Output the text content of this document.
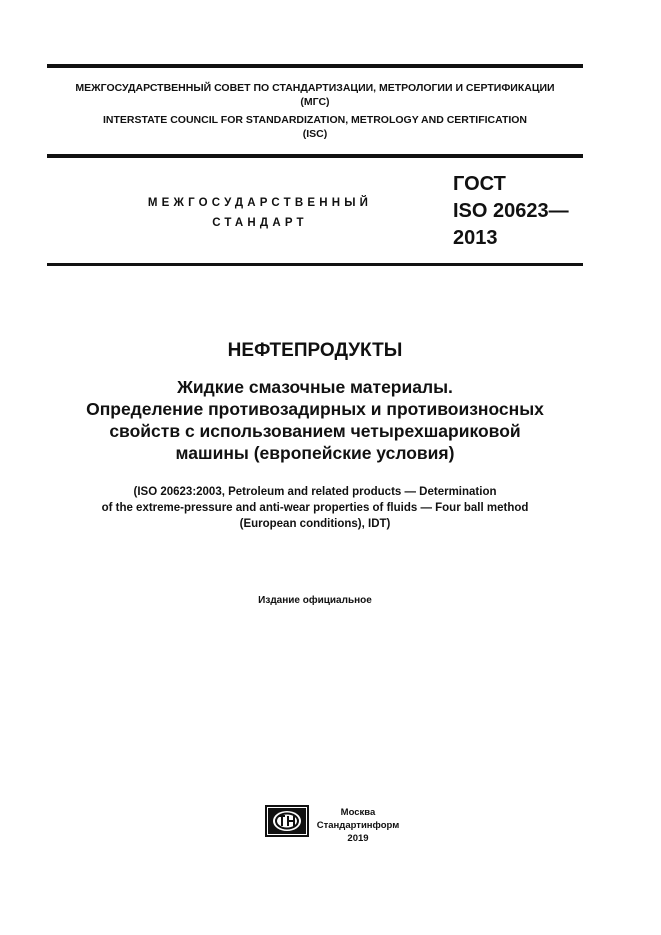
МЕЖГОСУДАРСТВЕННЫЙ СОВЕТ ПО СТАНДАРТИЗАЦИИ, МЕТРОЛОГИИ И СЕРТИФИКАЦИИ
(МГС)
INTERSTATE COUNCIL FOR STANDARDIZATION, METROLOGY AND CERTIFICATION
(ISC)
МЕЖГОСУДАРСТВЕННЫЙ
СТАНДАРТ
ГОСТ
ISO 20623—
2013
НЕФТЕПРОДУКТЫ
Жидкие смазочные материалы.
Определение противозадирных и противоизносных
свойств с использованием четырехшариковой
машины (европейские условия)
(ISO 20623:2003, Petroleum and related products — Determination
of the extreme-pressure and anti-wear properties of fluids — Four ball method
(European conditions), IDT)
Издание официальное
Москва
Стандартинформ
2019
